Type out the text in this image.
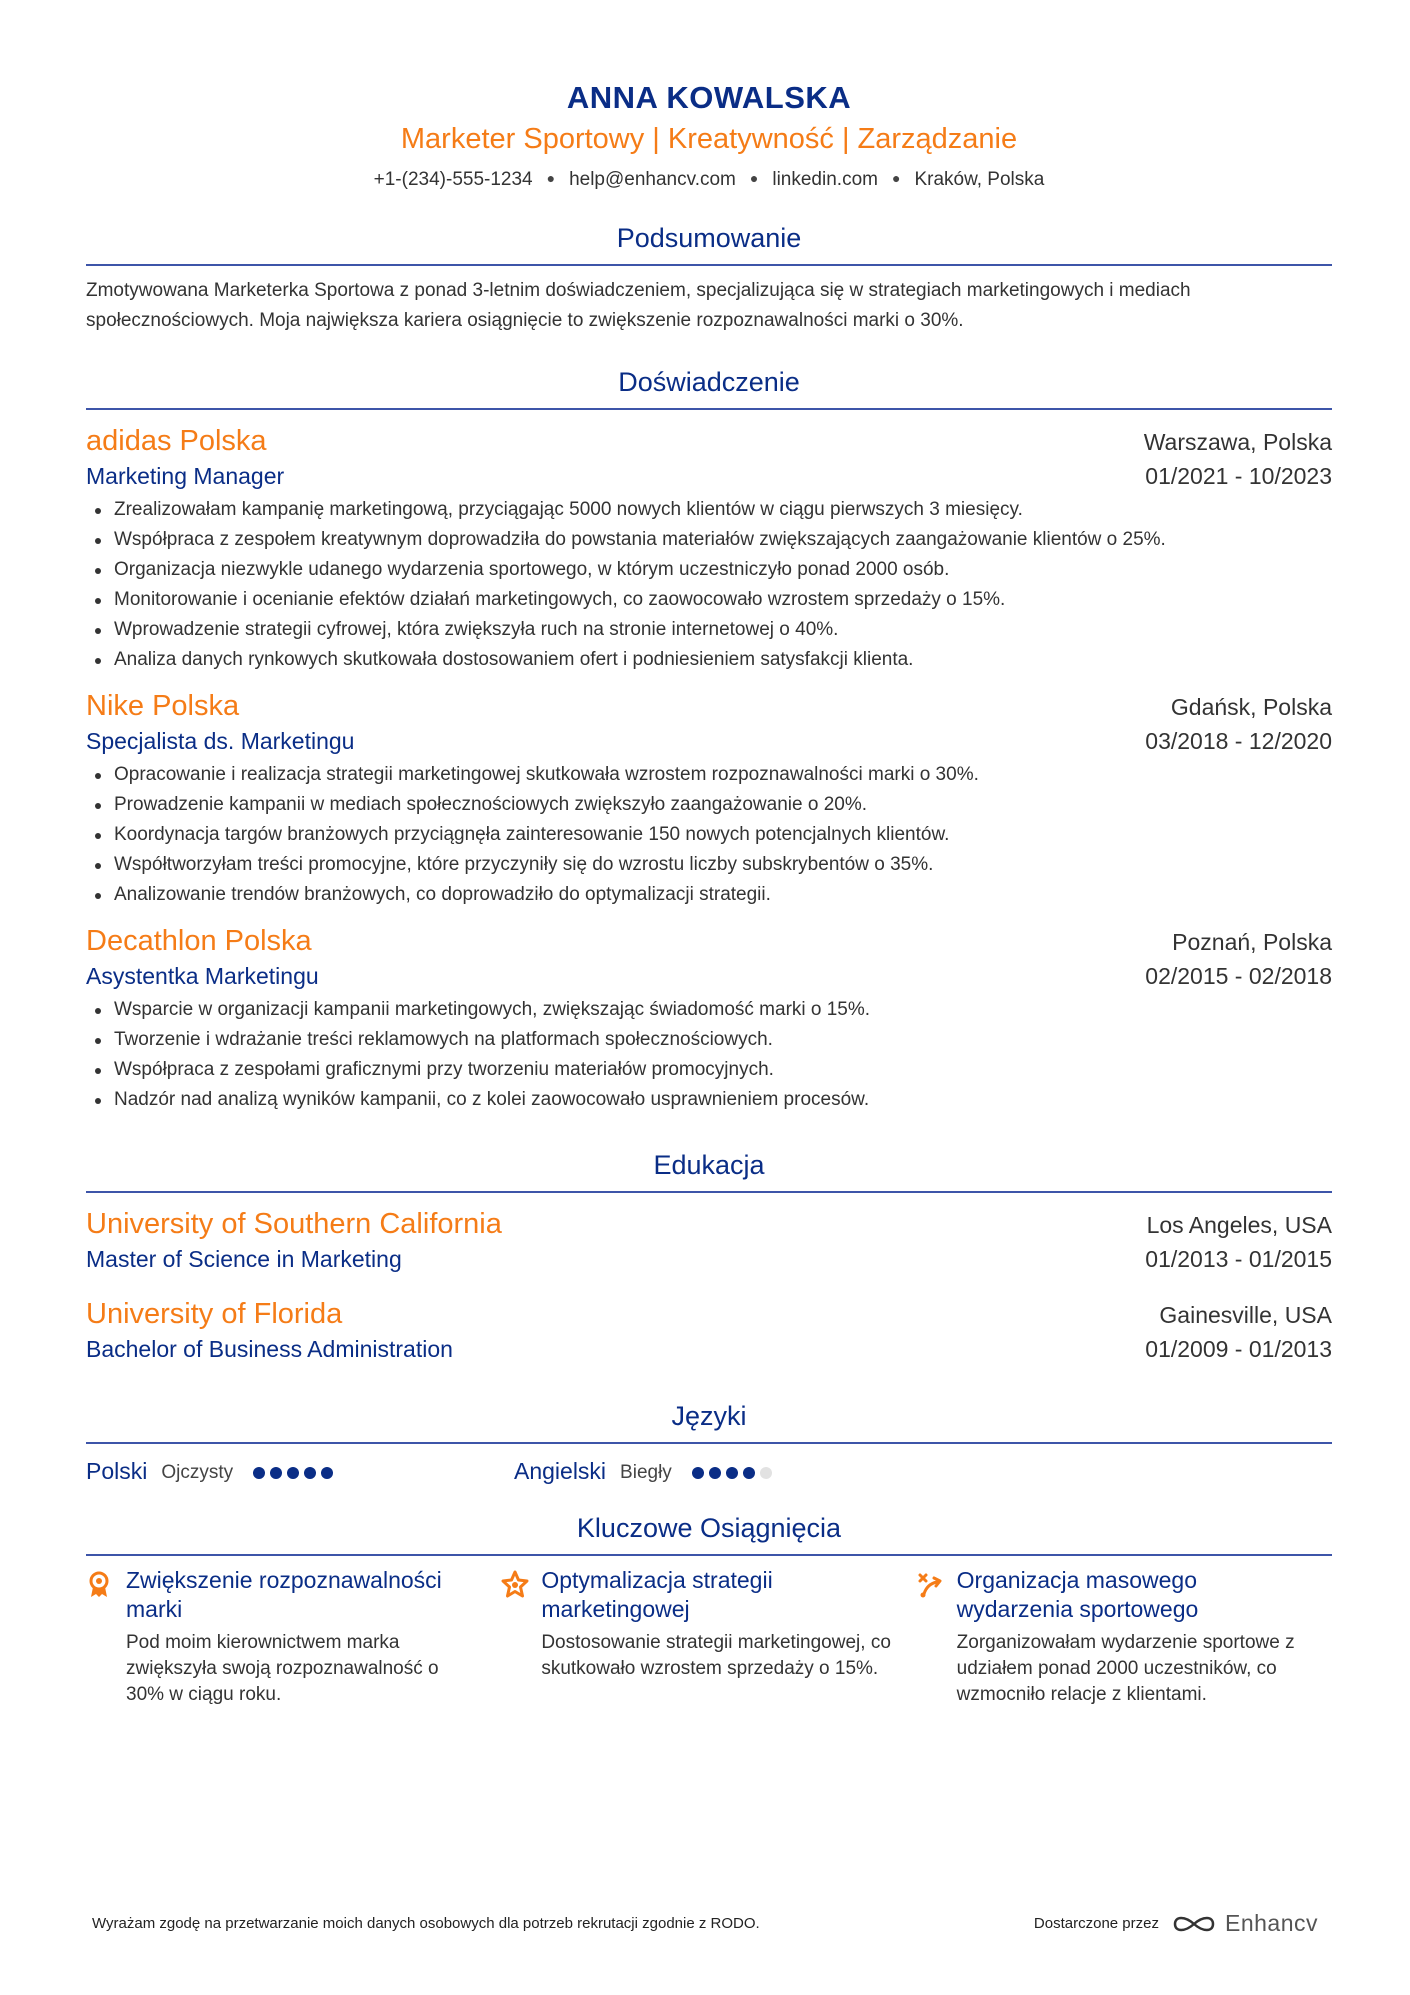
ANNA KOWALSKA
Marketer Sportowy | Kreatywność | Zarządzanie
+1-(234)-555-1234 ● help@enhancv.com ● linkedin.com ● Kraków, Polska
Podsumowanie
Zmotywowana Marketerka Sportowa z ponad 3-letnim doświadczeniem, specjalizująca się w strategiach marketingowych i mediach społecznościowych. Moja największa kariera osiągnięcie to zwiększenie rozpoznawalności marki o 30%.
Doświadczenie
adidas Polska	Warszawa, Polska
Marketing Manager	01/2021 - 10/2023
Zrealizowałam kampanię marketingową, przyciągając 5000 nowych klientów w ciągu pierwszych 3 miesięcy.
Współpraca z zespołem kreatywnym doprowadziła do powstania materiałów zwiększających zaangażowanie klientów o 25%.
Organizacja niezwykle udanego wydarzenia sportowego, w którym uczestniczyło ponad 2000 osób.
Monitorowanie i ocenianie efektów działań marketingowych, co zaowocowało wzrostem sprzedaży o 15%.
Wprowadzenie strategii cyfrowej, która zwiększyła ruch na stronie internetowej o 40%.
Analiza danych rynkowych skutkowała dostosowaniem ofert i podniesieniem satysfakcji klienta.
Nike Polska	Gdańsk, Polska
Specjalista ds. Marketingu	03/2018 - 12/2020
Opracowanie i realizacja strategii marketingowej skutkowała wzrostem rozpoznawalności marki o 30%.
Prowadzenie kampanii w mediach społecznościowych zwiększyło zaangażowanie o 20%.
Koordynacja targów branżowych przyciągnęła zainteresowanie 150 nowych potencjalnych klientów.
Współtworzyłam treści promocyjne, które przyczyniły się do wzrostu liczby subskrybentów o 35%.
Analizowanie trendów branżowych, co doprowadziło do optymalizacji strategii.
Decathlon Polska	Poznań, Polska
Asystentka Marketingu	02/2015 - 02/2018
Wsparcie w organizacji kampanii marketingowych, zwiększając świadomość marki o 15%.
Tworzenie i wdrażanie treści reklamowych na platformach społecznościowych.
Współpraca z zespołami graficznymi przy tworzeniu materiałów promocyjnych.
Nadzór nad analizą wyników kampanii, co z kolei zaowocowało usprawnieniem procesów.
Edukacja
University of Southern California	Los Angeles, USA
Master of Science in Marketing	01/2013 - 01/2015
University of Florida	Gainesville, USA
Bachelor of Business Administration	01/2009 - 01/2013
Języki
Polski Ojczysty	Angielski Biegły
Kluczowe Osiągnięcia
Zwiększenie rozpoznawalności marki
Pod moim kierownictwem marka zwiększyła swoją rozpoznawalność o 30% w ciągu roku.
Optymalizacja strategii marketingowej
Dostosowanie strategii marketingowej, co skutkowało wzrostem sprzedaży o 15%.
Organizacja masowego wydarzenia sportowego
Zorganizowałam wydarzenie sportowe z udziałem ponad 2000 uczestników, co wzmocniło relacje z klientami.
Wyrażam zgodę na przetwarzanie moich danych osobowych dla potrzeb rekrutacji zgodnie z RODO.	Dostarczone przez	Enhancv
